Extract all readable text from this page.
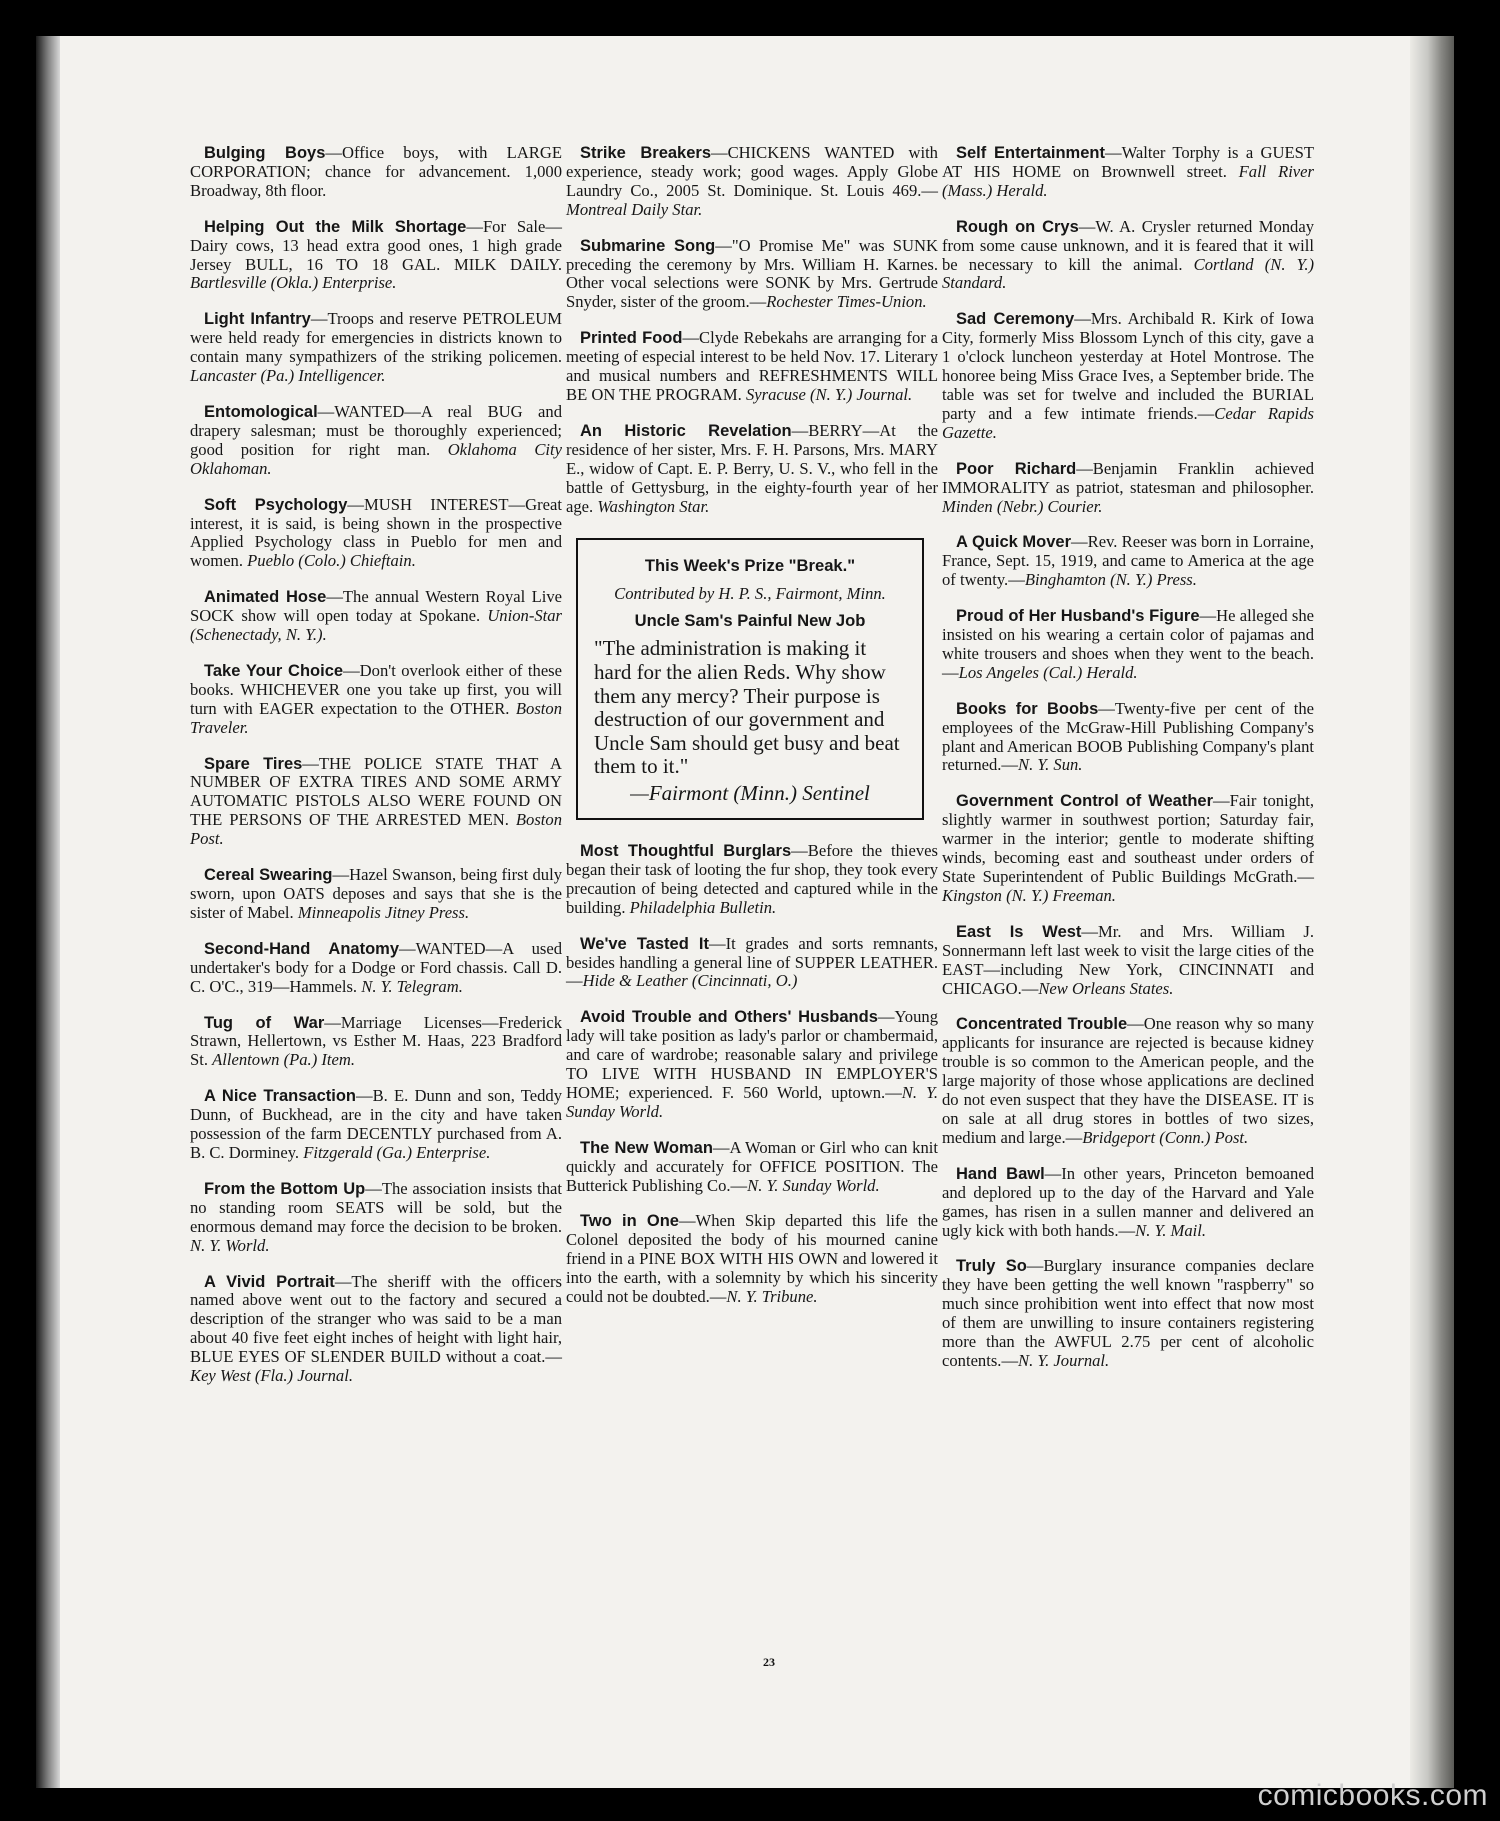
Bulging Boys—Office boys, with LARGE CORPORATION; chance for advancement. 1,000 Broadway, 8th floor.
Helping Out the Milk Shortage—For Sale—Dairy cows, 13 head extra good ones, 1 high grade Jersey BULL, 16 TO 18 GAL. MILK DAILY. Bartlesville (Okla.) Enterprise.
Light Infantry—Troops and reserve PETROLEUM were held ready for emergencies in districts known to contain many sympathizers of the striking policemen. Lancaster (Pa.) Intelligencer.
Entomological—WANTED—A real BUG and drapery salesman; must be thoroughly experienced; good position for right man. Oklahoma City Oklahoman.
Soft Psychology—MUSH INTEREST—Great interest, it is said, is being shown in the prospective Applied Psychology class in Pueblo for men and women. Pueblo (Colo.) Chieftain.
Animated Hose—The annual Western Royal Live SOCK show will open today at Spokane. Union-Star (Schenectady, N. Y.).
Take Your Choice—Don't overlook either of these books. WHICHEVER one you take up first, you will turn with EAGER expectation to the OTHER. Boston Traveler.
Spare Tires—THE POLICE STATE THAT A NUMBER OF EXTRA TIRES AND SOME ARMY AUTOMATIC PISTOLS ALSO WERE FOUND ON THE PERSONS OF THE ARRESTED MEN. Boston Post.
Cereal Swearing—Hazel Swanson, being first duly sworn, upon OATS deposes and says that she is the sister of Mabel. Minneapolis Jitney Press.
Second-Hand Anatomy—WANTED—A used undertaker's body for a Dodge or Ford chassis. Call D. C. O'C., 319—Hammels. N. Y. Telegram.
Tug of War—Marriage Licenses—Frederick Strawn, Hellertown, vs Esther M. Haas, 223 Bradford St. Allentown (Pa.) Item.
A Nice Transaction—B. E. Dunn and son, Teddy Dunn, of Buckhead, are in the city and have taken possession of the farm DECENTLY purchased from A. B. C. Dorminey. Fitzgerald (Ga.) Enterprise.
From the Bottom Up—The association insists that no standing room SEATS will be sold, but the enormous demand may force the decision to be broken. N. Y. World.
A Vivid Portrait—The sheriff with the officers named above went out to the factory and secured a description of the stranger who was said to be a man about 40 five feet eight inches of height with light hair, BLUE EYES OF SLENDER BUILD without a coat.—Key West (Fla.) Journal.
Strike Breakers—CHICKENS WANTED with experience, steady work; good wages. Apply Globe Laundry Co., 2005 St. Dominique. St. Louis 469.—Montreal Daily Star.
Submarine Song—"O Promise Me" was SUNK preceding the ceremony by Mrs. William H. Karnes. Other vocal selections were SONK by Mrs. Gertrude Snyder, sister of the groom.—Rochester Times-Union.
Printed Food—Clyde Rebekahs are arranging for a meeting of especial interest to be held Nov. 17. Literary and musical numbers and REFRESHMENTS WILL BE ON THE PROGRAM. Syracuse (N. Y.) Journal.
An Historic Revelation—BERRY—At the residence of her sister, Mrs. F. H. Parsons, Mrs. MARY E., widow of Capt. E. P. Berry, U. S. V., who fell in the battle of Gettysburg, in the eighty-fourth year of her age. Washington Star.
This Week's Prize "Break."
Contributed by H. P. S., Fairmont, Minn.
Uncle Sam's Painful New Job
"The administration is making it hard for the alien Reds. Why show them any mercy? Their purpose is destruction of our government and Uncle Sam should get busy and beat them to it."
—Fairmont (Minn.) Sentinel
Most Thoughtful Burglars—Before the thieves began their task of looting the fur shop, they took every precaution of being detected and captured while in the building. Philadelphia Bulletin.
We've Tasted It—It grades and sorts remnants, besides handling a general line of SUPPER LEATHER.—Hide & Leather (Cincinnati, O.)
Avoid Trouble and Others' Husbands—Young lady will take position as lady's parlor or chambermaid, and care of wardrobe; reasonable salary and privilege TO LIVE WITH HUSBAND IN EMPLOYER'S HOME; experienced. F. 560 World, uptown.—N. Y. Sunday World.
The New Woman—A Woman or Girl who can knit quickly and accurately for OFFICE POSITION. The Butterick Publishing Co.—N. Y. Sunday World.
Two in One—When Skip departed this life the Colonel deposited the body of his mourned canine friend in a PINE BOX WITH HIS OWN and lowered it into the earth, with a solemnity by which his sincerity could not be doubted.—N. Y. Tribune.
Self Entertainment—Walter Torphy is a GUEST AT HIS HOME on Brownwell street. Fall River (Mass.) Herald.
Rough on Crys—W. A. Crysler returned Monday from some cause unknown, and it is feared that it will be necessary to kill the animal. Cortland (N. Y.) Standard.
Sad Ceremony—Mrs. Archibald R. Kirk of Iowa City, formerly Miss Blossom Lynch of this city, gave a 1 o'clock luncheon yesterday at Hotel Montrose. The honoree being Miss Grace Ives, a September bride. The table was set for twelve and included the BURIAL party and a few intimate friends.—Cedar Rapids Gazette.
Poor Richard—Benjamin Franklin achieved IMMORALITY as patriot, statesman and philosopher. Minden (Nebr.) Courier.
A Quick Mover—Rev. Reeser was born in Lorraine, France, Sept. 15, 1919, and came to America at the age of twenty.—Binghamton (N. Y.) Press.
Proud of Her Husband's Figure—He alleged she insisted on his wearing a certain color of pajamas and white trousers and shoes when they went to the beach.—Los Angeles (Cal.) Herald.
Books for Boobs—Twenty-five per cent of the employees of the McGraw-Hill Publishing Company's plant and American BOOB Publishing Company's plant returned.—N. Y. Sun.
Government Control of Weather—Fair tonight, slightly warmer in southwest portion; Saturday fair, warmer in the interior; gentle to moderate shifting winds, becoming east and southeast under orders of State Superintendent of Public Buildings McGrath.—Kingston (N. Y.) Freeman.
East Is West—Mr. and Mrs. William J. Sonnermann left last week to visit the large cities of the EAST—including New York, CINCINNATI and CHICAGO.—New Orleans States.
Concentrated Trouble—One reason why so many applicants for insurance are rejected is because kidney trouble is so common to the American people, and the large majority of those whose applications are declined do not even suspect that they have the DISEASE. IT is on sale at all drug stores in bottles of two sizes, medium and large.—Bridgeport (Conn.) Post.
Hand Bawl—In other years, Princeton bemoaned and deplored up to the day of the Harvard and Yale games, has risen in a sullen manner and delivered an ugly kick with both hands.—N. Y. Mail.
Truly So—Burglary insurance companies declare they have been getting the well known "raspberry" so much since prohibition went into effect that now most of them are unwilling to insure containers registering more than the AWFUL 2.75 per cent of alcoholic contents.—N. Y. Journal.
23
comicbooks.com
